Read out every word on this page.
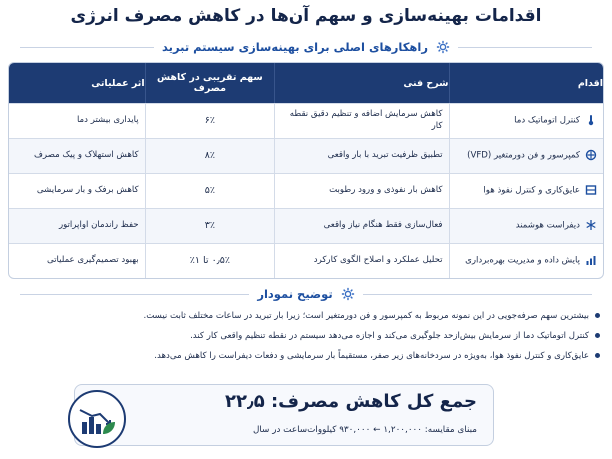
اقدامات بهینه‌سازی و سهم آن‌ها در کاهش مصرف انرژی
راهکارهای اصلی برای بهینه‌سازی سیستم تبرید
اقدام	شرح فنی	سهم تقریبی در کاهش مصرف	اثر عملیاتی
کنترل اتوماتیک دما	کاهش سرمایش اضافه و تنظیم دقیق نقطه کار	۶٪	پایداری بیشتر دما
کمپرسور و فن دورمتغیر (VFD)	تطبیق ظرفیت تبرید با بار واقعی	۸٪	کاهش استهلاک و پیک مصرف
عایق‌کاری و کنترل نفوذ هوا	کاهش بار نفوذی و ورود رطوبت	۵٪	کاهش برفک و بار سرمایشی
دیفراست هوشمند	فعال‌سازی فقط هنگام نیاز واقعی	۳٪	حفظ راندمان اواپراتور
پایش داده و مدیریت بهره‌برداری	تحلیل عملکرد و اصلاح الگوی کارکرد	۰٫۵٪ تا ۱٪	بهبود تصمیم‌گیری عملیاتی
توضیح نمودار
بیشترین سهم صرفه‌جویی در این نمونه مربوط به کمپرسور و فن دورمتغیر است؛ زیرا بار تبرید در ساعات مختلف ثابت نیست.
کنترل اتوماتیک دما از سرمایش بیش‌ازحد جلوگیری می‌کند و اجازه می‌دهد سیستم در نقطه تنظیم واقعی کار کند.
عایق‌کاری و کنترل نفوذ هوا، به‌ویژه در سردخانه‌های زیر صفر، مستقیماً بار سرمایشی و دفعات دیفراست را کاهش می‌دهد.
جمع کل کاهش مصرف: ۲۲٫۵
مبنای مقایسه: ۱,۲۰۰,۰۰۰ ← ۹۳۰,۰۰۰ کیلووات‌ساعت در سال
